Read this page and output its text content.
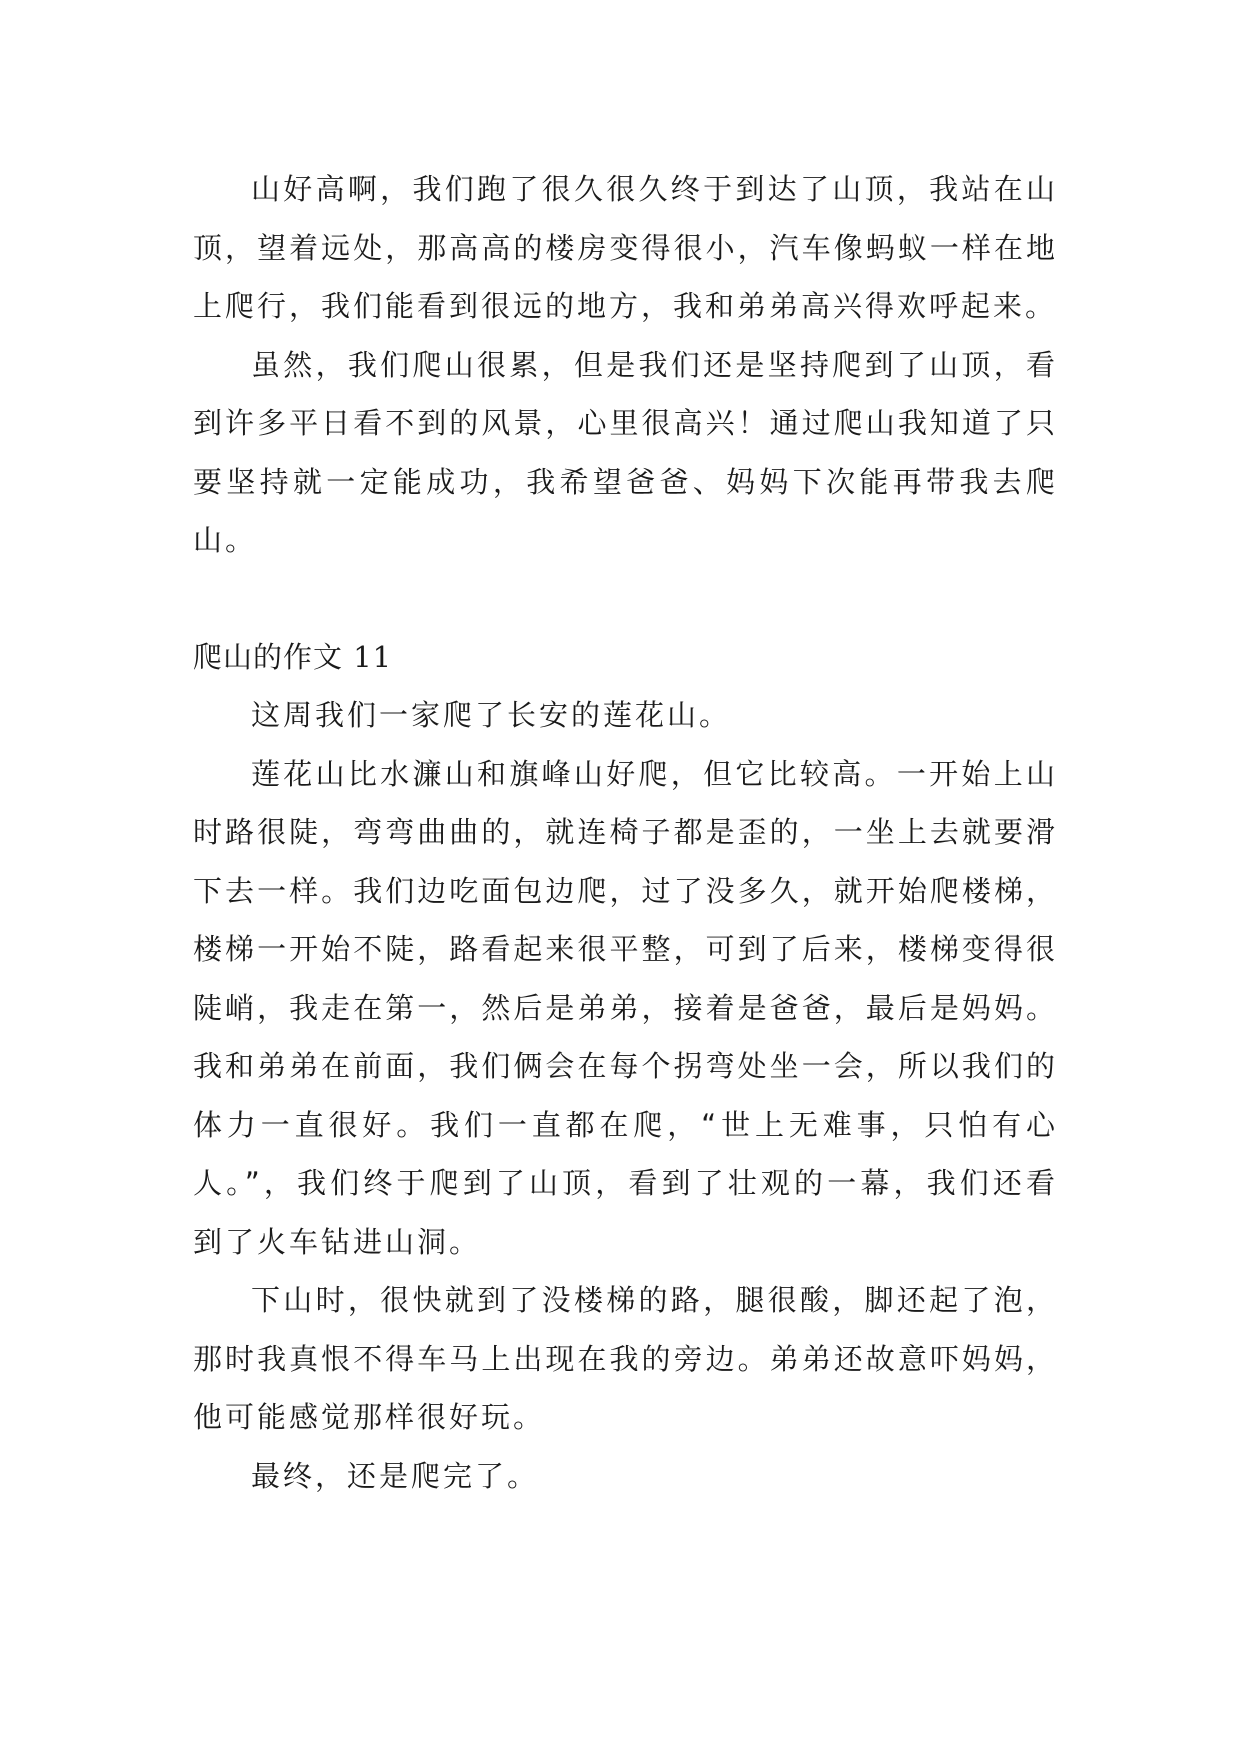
山好高啊，我们跑了很久很久终于到达了山顶，我站在山顶，望着远处，那高高的楼房变得很小，汽车像蚂蚁一样在地上爬行，我们能看到很远的地方，我和弟弟高兴得欢呼起来。

虽然，我们爬山很累，但是我们还是坚持爬到了山顶，看到许多平日看不到的风景，心里很高兴！通过爬山我知道了只要坚持就一定能成功，我希望爸爸、妈妈下次能再带我去爬山。

爬山的作文 11

这周我们一家爬了长安的莲花山。

莲花山比水濂山和旗峰山好爬，但它比较高。一开始上山时路很陡，弯弯曲曲的，就连椅子都是歪的，一坐上去就要滑下去一样。我们边吃面包边爬，过了没多久，就开始爬楼梯，楼梯一开始不陡，路看起来很平整，可到了后来，楼梯变得很陡峭，我走在第一，然后是弟弟，接着是爸爸，最后是妈妈。我和弟弟在前面，我们俩会在每个拐弯处坐一会，所以我们的体力一直很好。我们一直都在爬，“世上无难事，只怕有心人。”，我们终于爬到了山顶，看到了壮观的一幕，我们还看到了火车钻进山洞。

下山时，很快就到了没楼梯的路，腿很酸，脚还起了泡，那时我真恨不得车马上出现在我的旁边。弟弟还故意吓妈妈，他可能感觉那样很好玩。

最终，还是爬完了。
